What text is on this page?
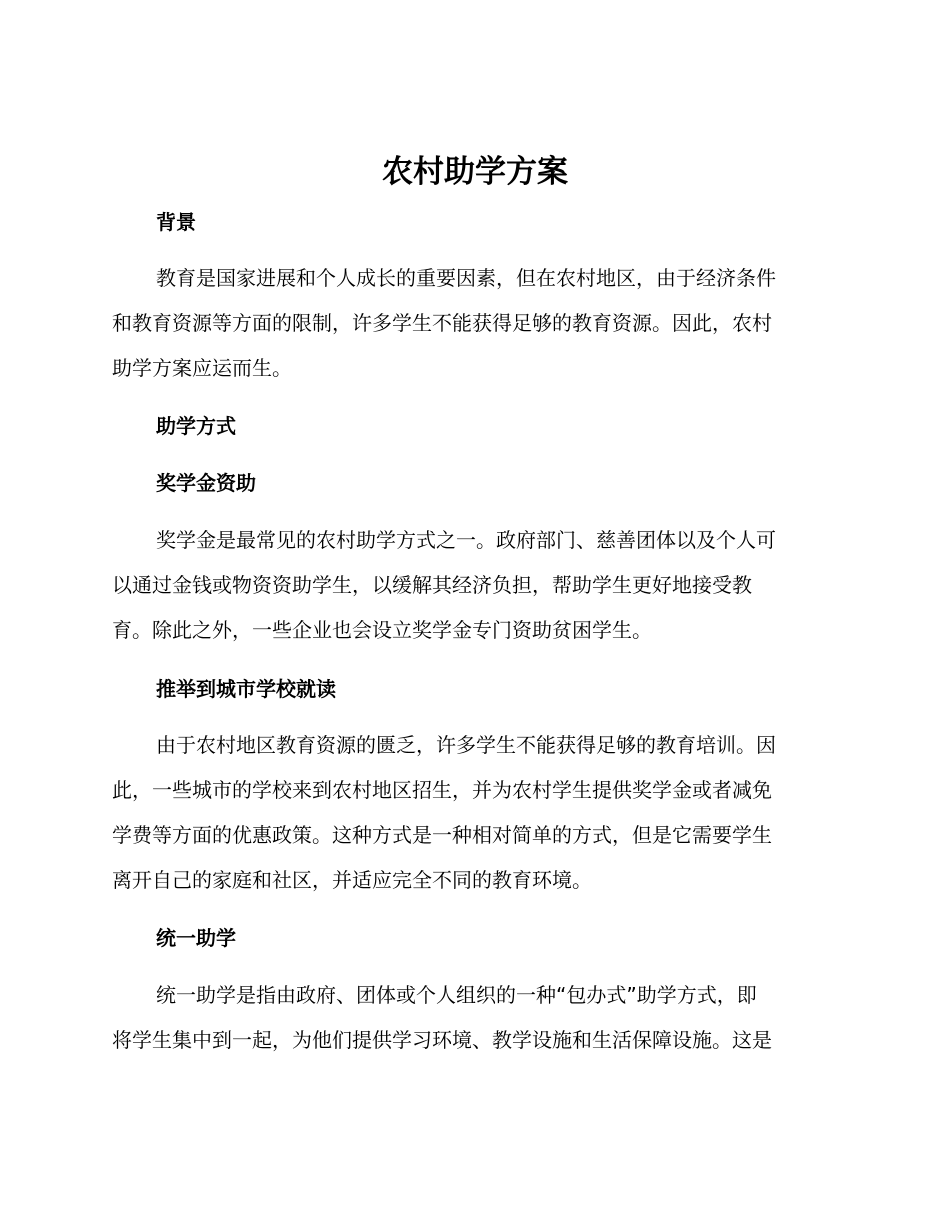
农村助学方案
背景
教育是国家进展和个人成长的重要因素，但在农村地区，由于经济条件
和教育资源等方面的限制，许多学生不能获得足够的教育资源。因此，农村
助学方案应运而生。
助学方式
奖学金资助
奖学金是最常见的农村助学方式之一。政府部门、慈善团体以及个人可
以通过金钱或物资资助学生，以缓解其经济负担，帮助学生更好地接受教
育。除此之外，一些企业也会设立奖学金专门资助贫困学生。
推举到城市学校就读
由于农村地区教育资源的匮乏，许多学生不能获得足够的教育培训。因
此，一些城市的学校来到农村地区招生，并为农村学生提供奖学金或者减免
学费等方面的优惠政策。这种方式是一种相对简单的方式，但是它需要学生
离开自己的家庭和社区，并适应完全不同的教育环境。
统一助学
统一助学是指由政府、团体或个人组织的一种“包办式”助学方式，即
将学生集中到一起，为他们提供学习环境、教学设施和生活保障设施。这是
